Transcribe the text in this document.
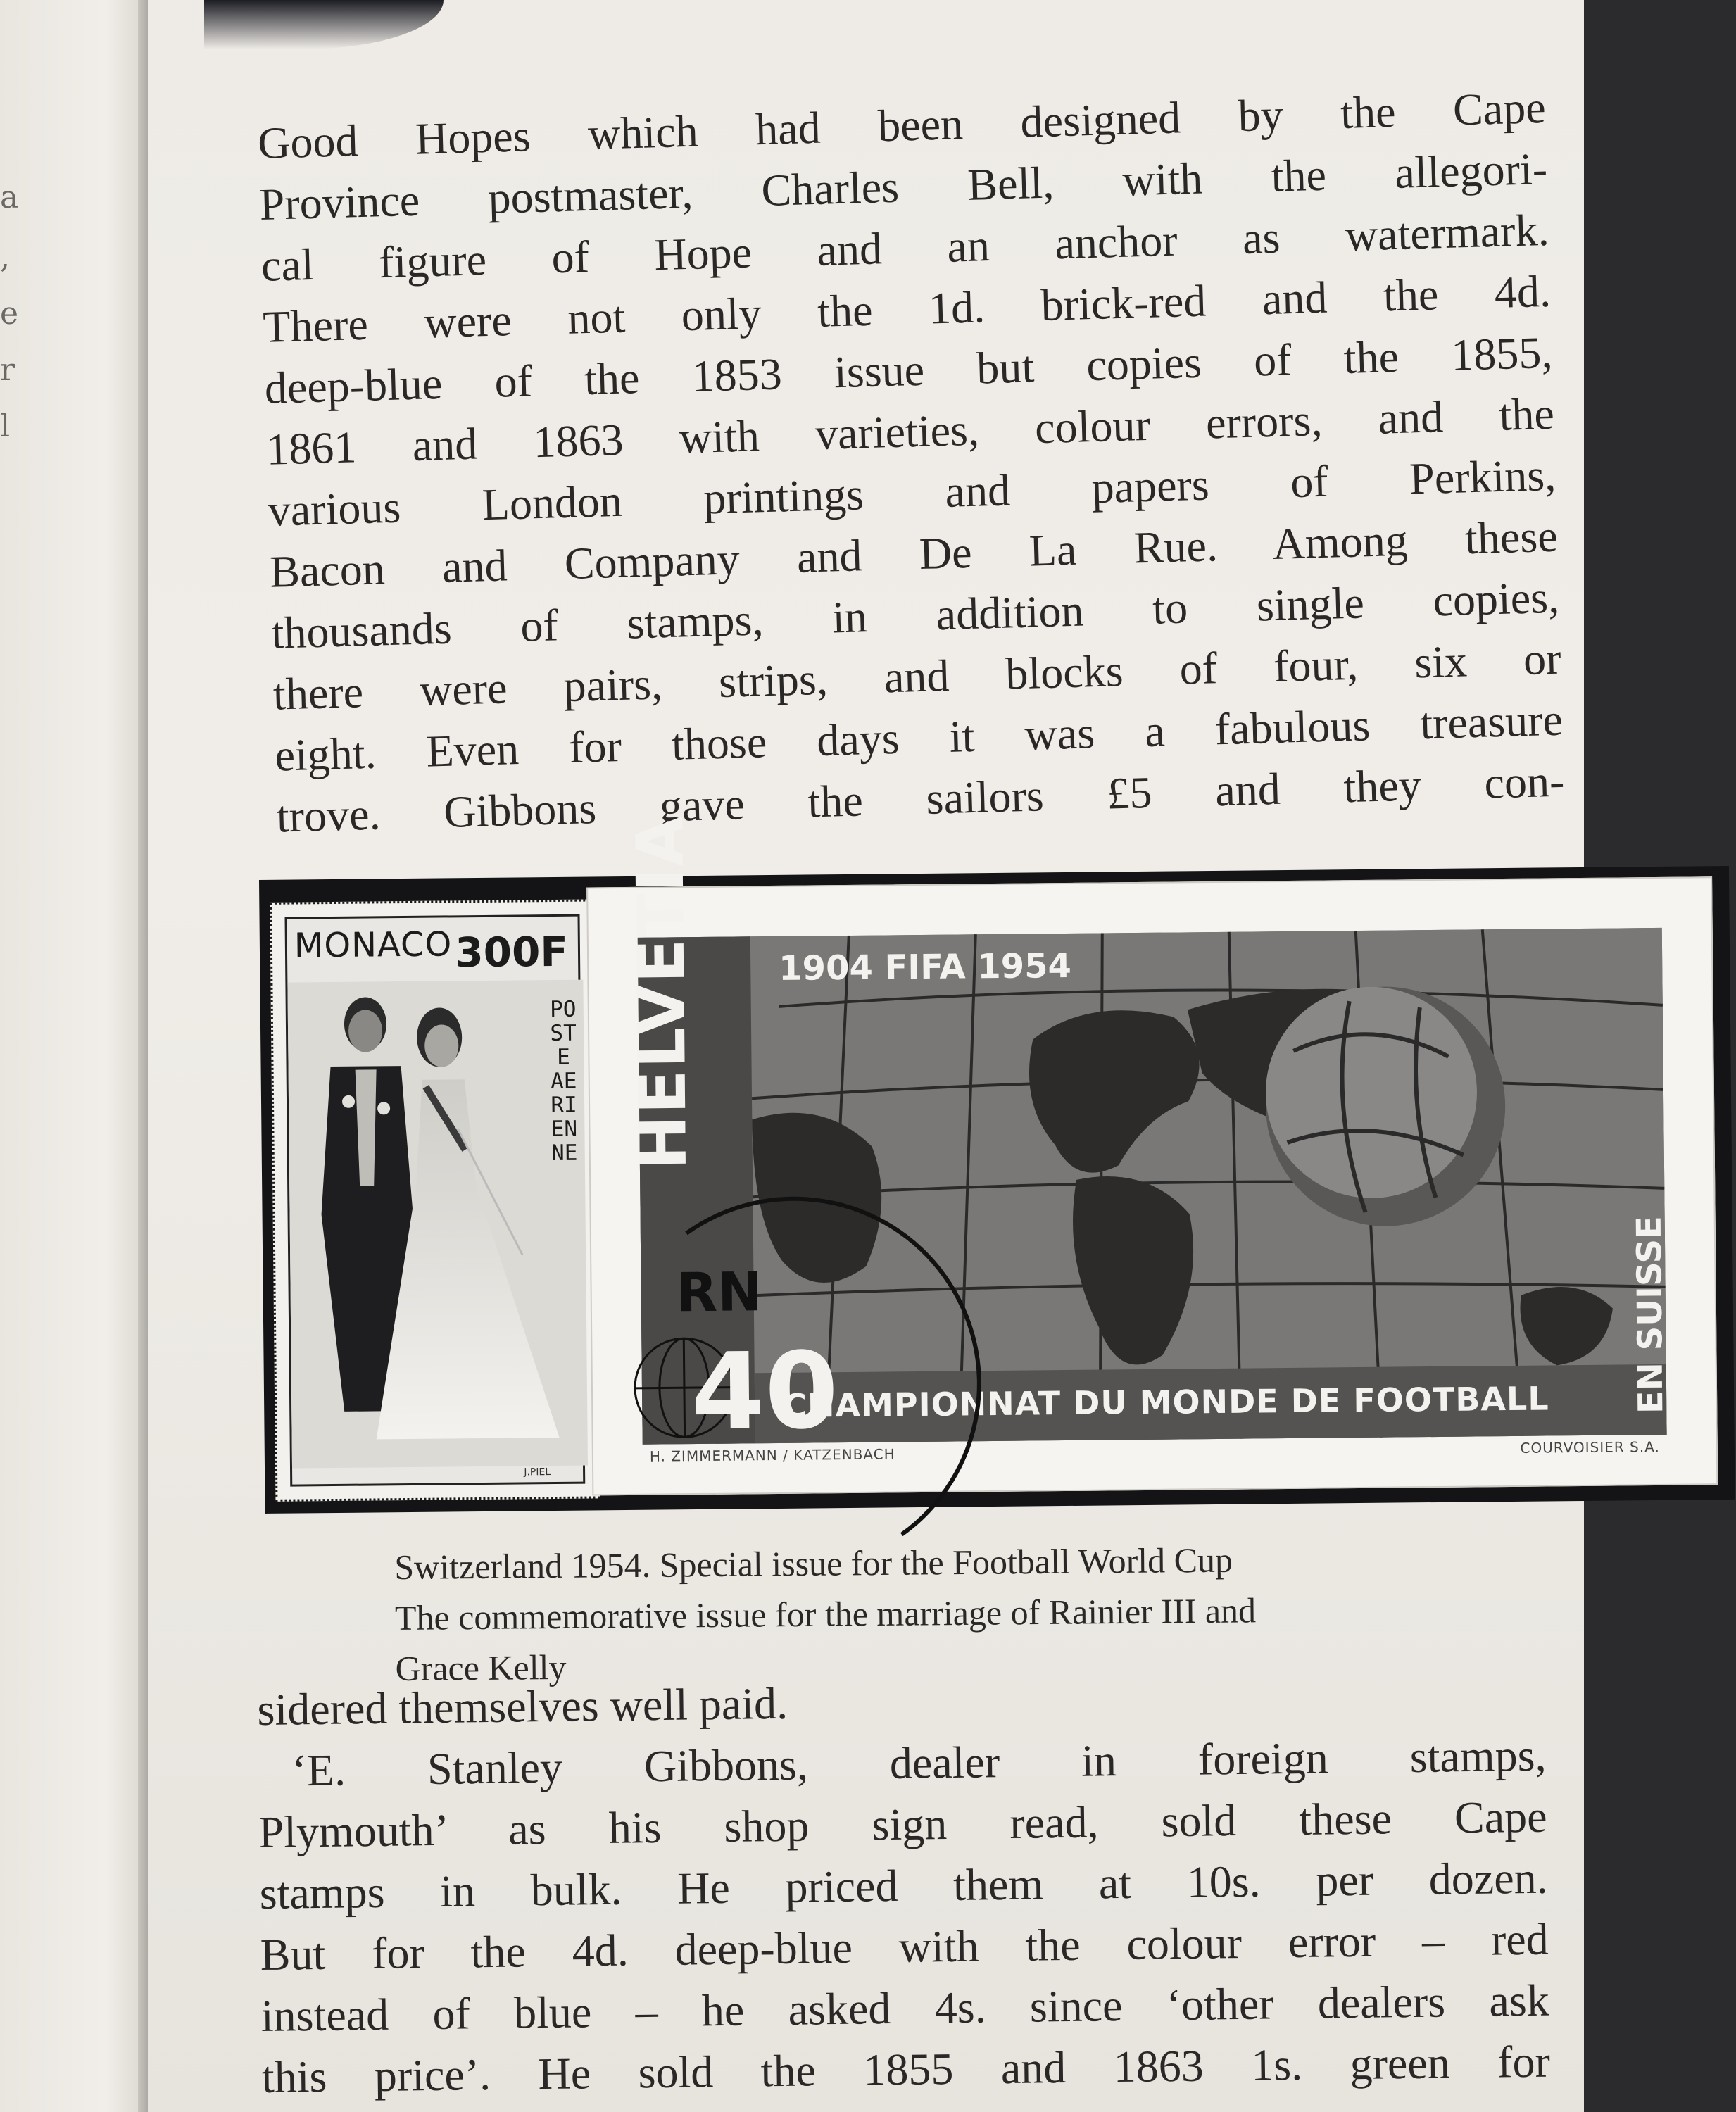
a
,
e
r
l
Good Hopes which had been designed by the Cape
Province postmaster, Charles Bell, with the allegori-
cal figure of Hope and an anchor as watermark.
There were not only the 1d. brick-red and the 4d.
deep-blue of the 1853 issue but copies of the 1855,
1861 and 1863 with varieties, colour errors, and the
various London printings and papers of Perkins,
Bacon and Company and De La Rue. Among these
thousands of stamps, in addition to single copies,
there were pairs, strips, and blocks of four, six or
eight. Even for those days it was a fabulous treasure
trove. Gibbons gave the sailors £5 and they con-
MONACO 300F
POSTE AERIENNE
J.PIEL
HELVETIA 1904 FIFA 1954
40
RN
CHAMPIONNAT DU MONDE DE FOOTBALL EN SUISSE
H. ZIMMERMANN / KATZENBACH	COURVOISIER S.A.

Switzerland 1954. Special issue for the Football World Cup

The commemorative issue for the marriage of Rainier III and

Grace Kelly

sidered themselves well paid.
‘E. Stanley Gibbons, dealer in foreign stamps,
Plymouth’ as his shop sign read, sold these Cape
stamps in bulk. He priced them at 10s. per dozen.
But for the 4d. deep-blue with the colour error – red
instead of blue – he asked 4s. since ‘other dealers ask
this price’. He sold the 1855 and 1863 1s. green for
